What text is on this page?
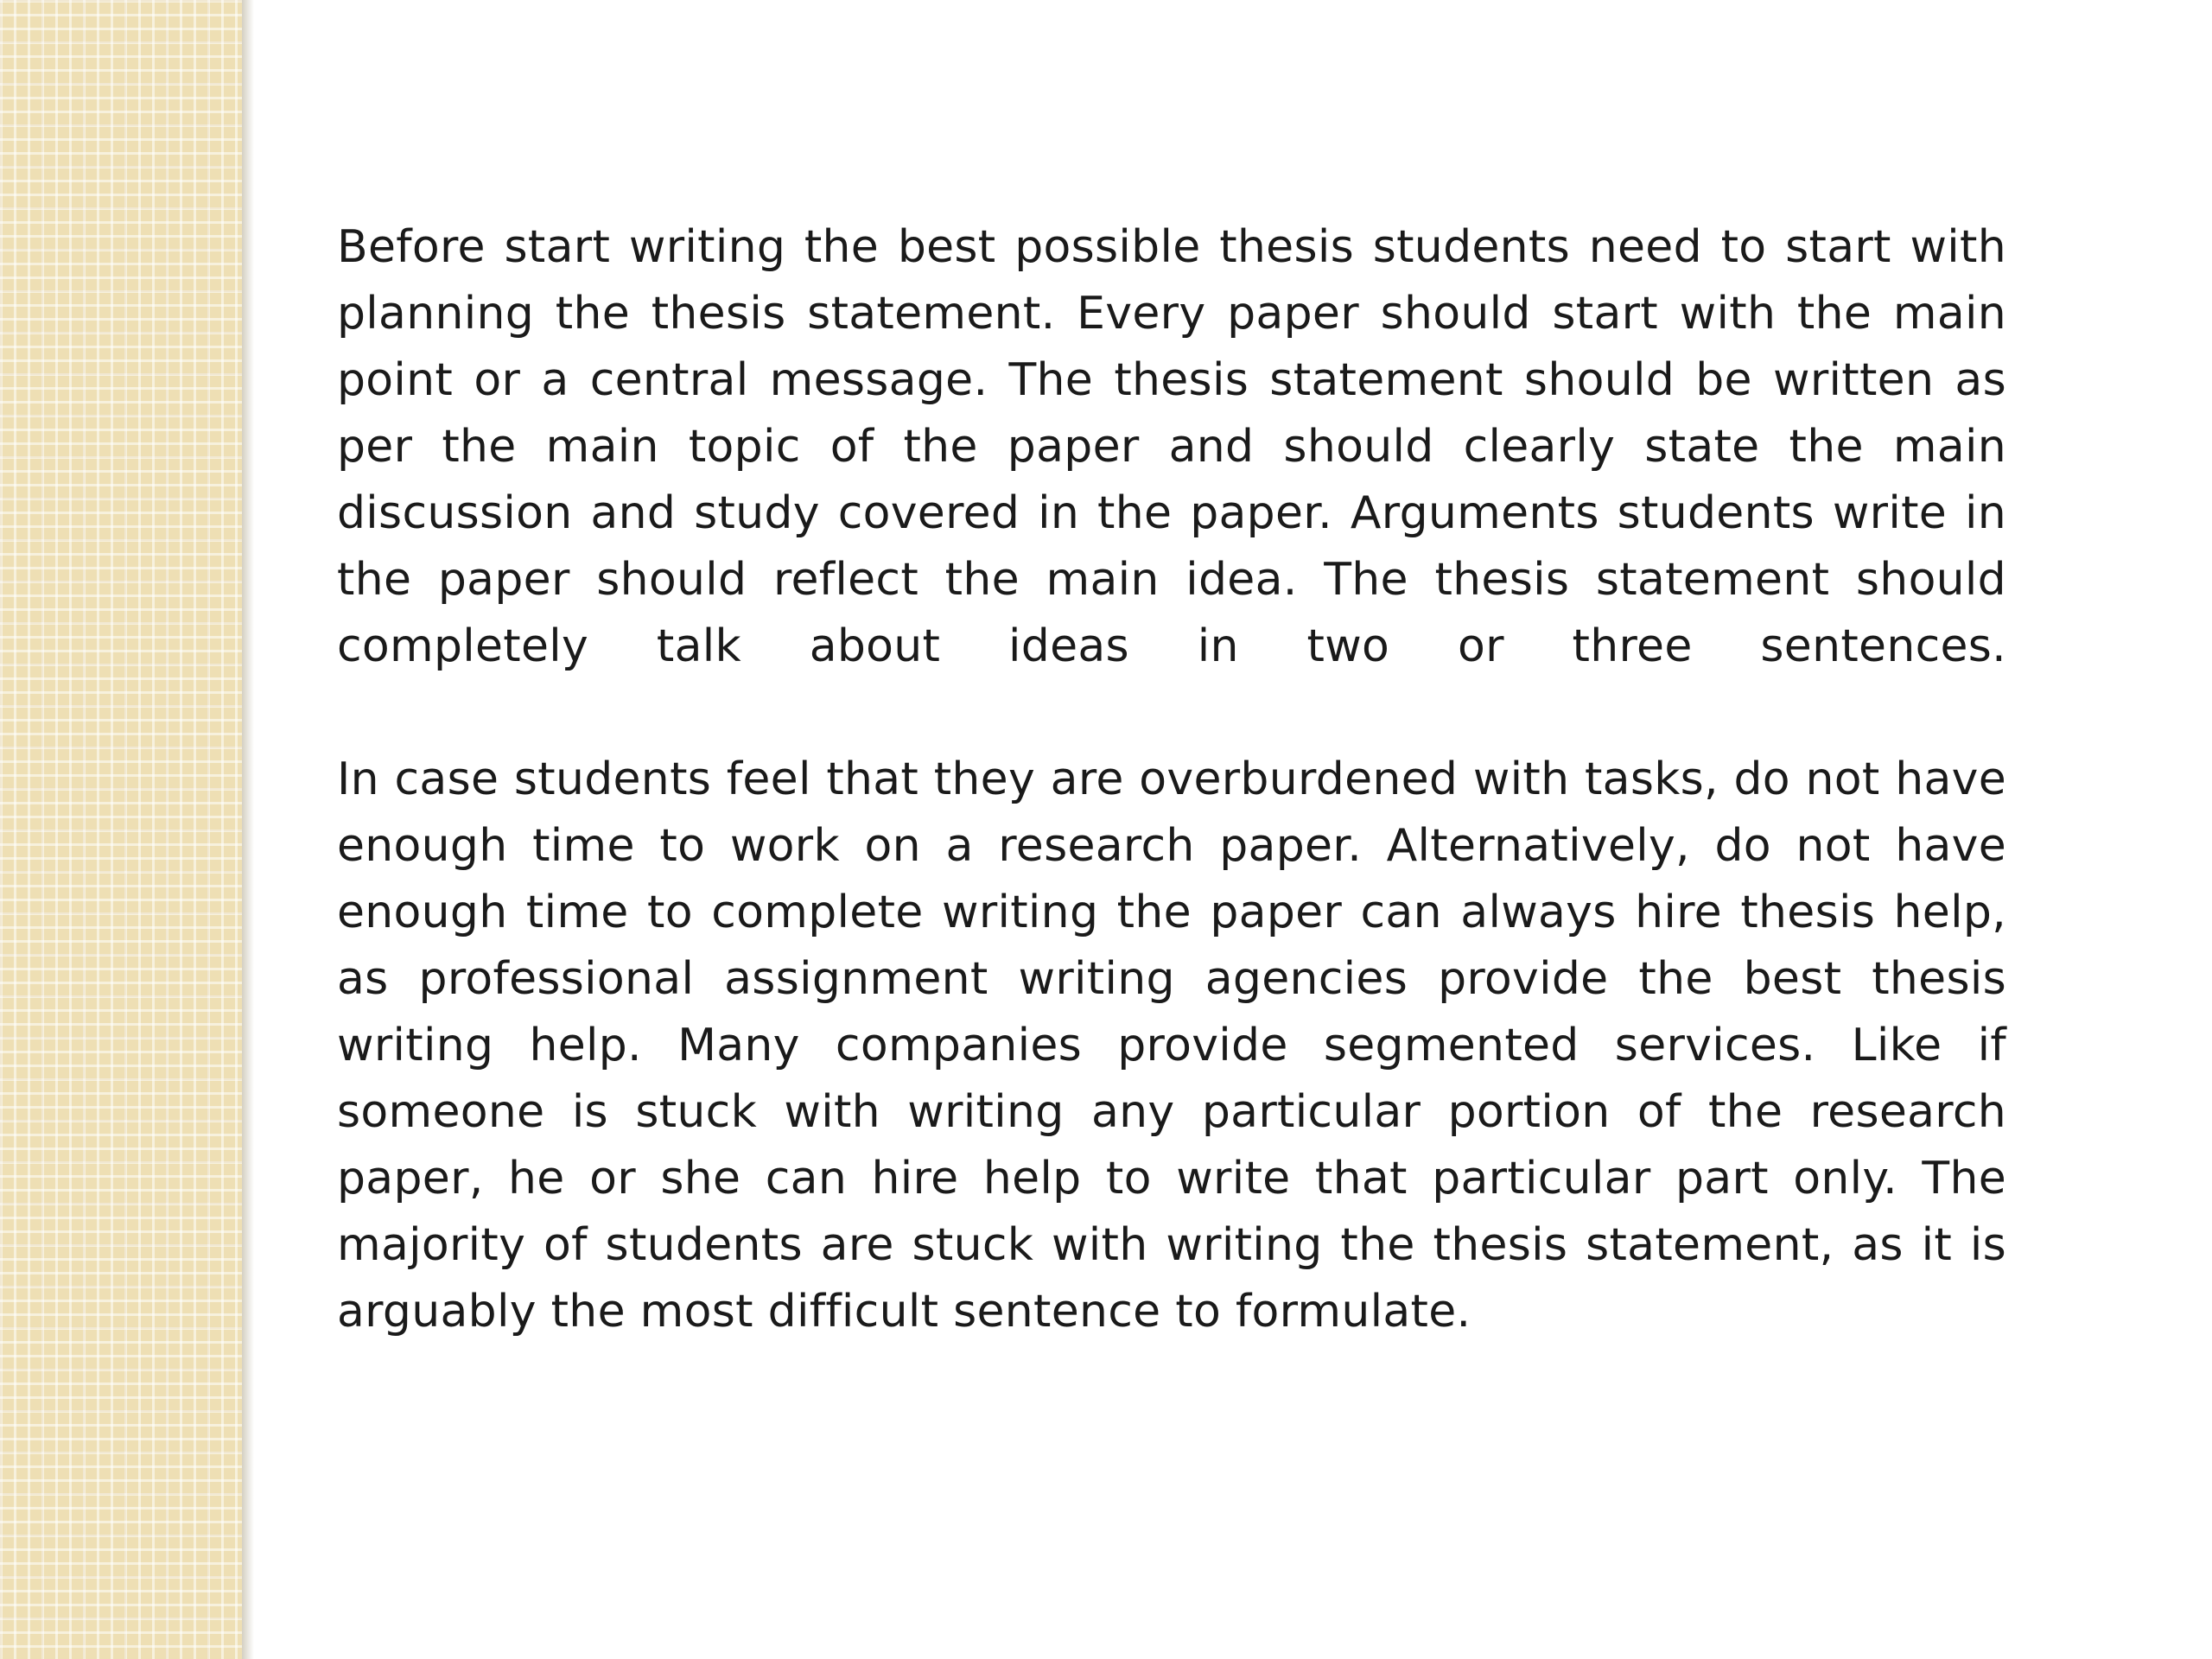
Before start writing the best possible thesis students need to start with planning the thesis statement. Every paper should start with the main point or a central message. The thesis statement should be written as per the main topic of the paper and should clearly state the main discussion and study covered in the paper. Arguments students write in the paper should reflect the main idea. The thesis statement should completely talk about ideas in two or three sentences.

In case students feel that they are overburdened with tasks, do not have enough time to work on a research paper. Alternatively, do not have enough time to complete writing the paper can always hire thesis help, as professional assignment writing agencies provide the best thesis writing help. Many companies provide segmented services. Like if someone is stuck with writing any particular portion of the research paper, he or she can hire help to write that particular part only. The majority of students are stuck with writing the thesis statement, as it is arguably the most difficult sentence to formulate.
